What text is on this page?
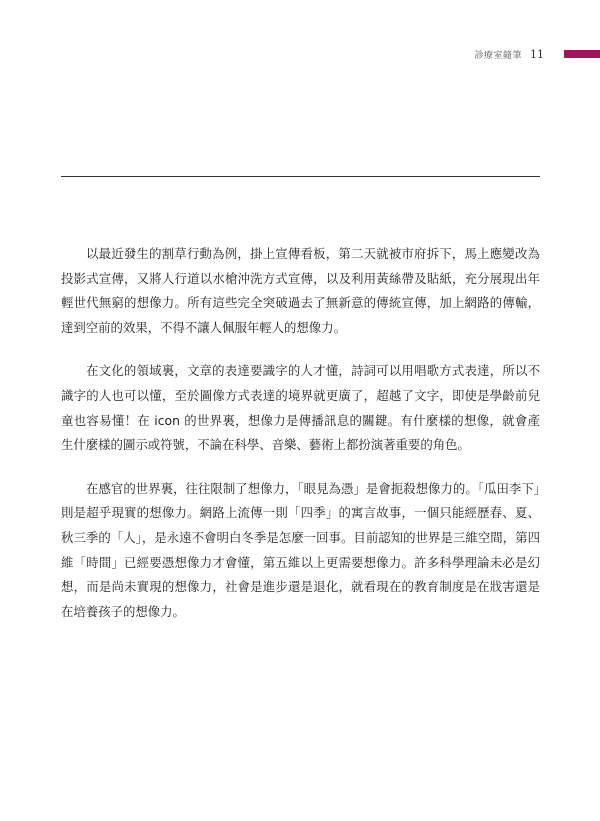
診療室隨筆 11

以最近發生的割草行動為例，掛上宣傳看板，第二天就被市府拆下，馬上應變改為投影式宣傳，又將人行道以水槍沖洗方式宣傳，以及利用黃絲帶及貼紙，充分展現出年輕世代無窮的想像力。所有這些完全突破過去了無新意的傳統宣傳，加上網路的傳輸，達到空前的效果，不得不讓人佩服年輕人的想像力。

在文化的領域裏，文章的表達要識字的人才懂，詩詞可以用唱歌方式表達，所以不識字的人也可以懂，至於圖像方式表達的境界就更廣了，超越了文字，即使是學齡前兒童也容易懂！在 icon 的世界裏，想像力是傳播訊息的關鍵。有什麼樣的想像，就會產生什麼樣的圖示或符號，不論在科學、音樂、藝術上都扮演著重要的角色。

在感官的世界裏，往往限制了想像力，「眼見為憑」是會扼殺想像力的。「瓜田李下」則是超乎現實的想像力。網路上流傳一則「四季」的寓言故事，一個只能經歷春、夏、秋三季的「人」，是永遠不會明白冬季是怎麼一回事。目前認知的世界是三維空間，第四維「時間」已經要憑想像力才會懂，第五維以上更需要想像力。許多科學理論未必是幻想，而是尚未實現的想像力，社會是進步還是退化，就看現在的教育制度是在戕害還是在培養孩子的想像力。
